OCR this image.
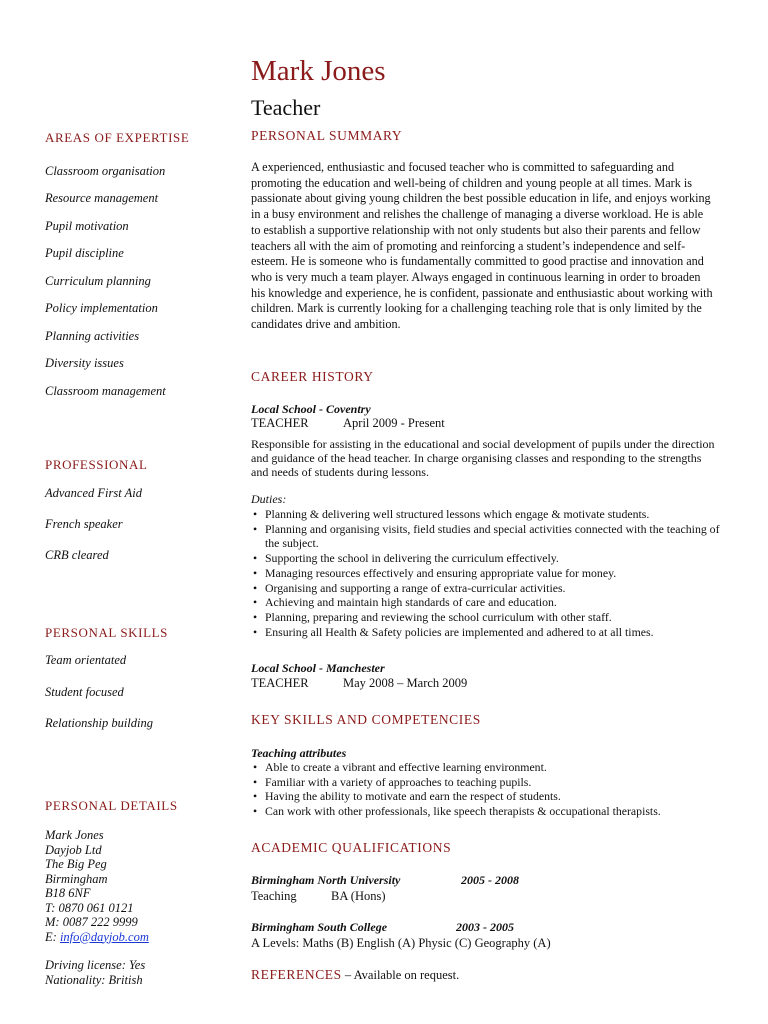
Mark Jones
Teacher
AREAS OF EXPERTISE
Classroom organisation
Resource management
Pupil motivation
Pupil discipline
Curriculum planning
Policy implementation
Planning activities
Diversity issues
Classroom management
PROFESSIONAL
Advanced First Aid
French speaker
CRB cleared
PERSONAL SKILLS
Team orientated
Student focused
Relationship building
PERSONAL DETAILS
Mark Jones
Dayjob Ltd
The Big Peg
Birmingham
B18 6NF
T: 0870 061 0121
M: 0087 222 9999
E: info@dayjob.com
Driving license: Yes
Nationality: British
PERSONAL SUMMARY
A experienced, enthusiastic and focused teacher who is committed to safeguarding and promoting the education and well-being of children and young people at all times. Mark is passionate about giving young children the best possible education in life, and enjoys working in a busy environment and relishes the challenge of managing a diverse workload. He is able to establish a supportive relationship with not only students but also their parents and fellow teachers all with the aim of promoting and reinforcing a student’s independence and self-esteem. He is someone who is fundamentally committed to good practise and innovation and who is very much a team player. Always engaged in continuous learning in order to broaden his knowledge and experience, he is confident, passionate and enthusiastic about working with children. Mark is currently looking for a challenging teaching role that is only limited by the candidates drive and ambition.
CAREER HISTORY
Local School - Coventry
TEACHER	April 2009 - Present
Responsible for assisting in the educational and social development of pupils under the direction and guidance of the head teacher. In charge organising classes and responding to the strengths and needs of students during lessons.
Duties:
• Planning & delivering well structured lessons which engage & motivate students.
• Planning and organising visits, field studies and special activities connected with the teaching of the subject.
• Supporting the school in delivering the curriculum effectively.
• Managing resources effectively and ensuring appropriate value for money.
• Organising and supporting a range of extra-curricular activities.
• Achieving and maintain high standards of care and education.
• Planning, preparing and reviewing the school curriculum with other staff.
• Ensuring all Health & Safety policies are implemented and adhered to at all times.
Local School - Manchester
TEACHER	May 2008 – March 2009
KEY SKILLS AND COMPETENCIES
Teaching attributes
• Able to create a vibrant and effective learning environment.
• Familiar with a variety of approaches to teaching pupils.
• Having the ability to motivate and earn the respect of students.
• Can work with other professionals, like speech therapists & occupational therapists.
ACADEMIC QUALIFICATIONS
Birmingham North University	2005 - 2008
Teaching	BA (Hons)
Birmingham South College	2003 - 2005
A Levels: Maths (B) English (A) Physic (C) Geography (A)
REFERENCES – Available on request.
